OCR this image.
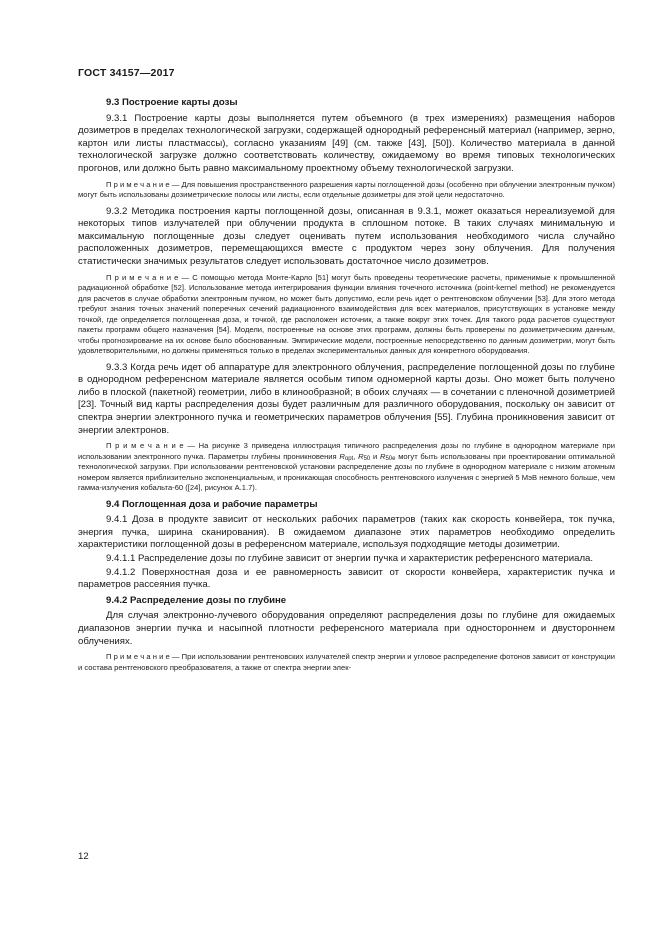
ГОСТ 34157—2017
9.3 Построение карты дозы

9.3.1 Построение карты дозы выполняется путем объемного (в трех измерениях) размещения наборов дозиметров в пределах технологической загрузки, содержащей однородный референсный материал (например, зерно, картон или листы пластмассы), согласно указаниям [49] (см. также [43], [50]). Количество материала в данной технологической загрузке должно соответствовать количеству, ожидаемому во время типовых технологических прогонов, или должно быть равно максимальному проектному объему технологической загрузки.

П р и м е ч а н и е — Для повышения пространственного разрешения карты поглощенной дозы (особенно при облучении электронным пучком) могут быть использованы дозиметрические полосы или листы, если отдельные дозиметры для этой цели недостаточно.

9.3.2 Методика построения карты поглощенной дозы, описанная в 9.3.1, может оказаться нереализуемой для некоторых типов излучателей при облучении продукта в сплошном потоке. В таких случаях минимальную и максимальную поглощенные дозы следует оценивать путем использования необходимого числа случайно расположенных дозиметров, перемещающихся вместе с продуктом через зону облучения. Для получения статистически значимых результатов следует использовать достаточное число дозиметров.

П р и м е ч а н и е — С помощью метода Монте-Карло [51] могут быть проведены теоретические расчеты, применимые к промышленной радиационной обработке [52]. Использование метода интегрирования функции влияния точечного источника (point-kernel method) не рекомендуется для расчетов в случае обработки электронным пучком, но может быть допустимо, если речь идет о рентгеновском облучении [53]. Для этого метода требуют знания точных значений поперечных сечений радиационного взаимодействия для всех материалов, присутствующих в установке между точкой, где определяется поглощенная доза, и точкой, где расположен источник, а также вокруг этих точек. Для такого рода расчетов существуют пакеты программ общего назначения [54]. Модели, построенные на основе этих программ, должны быть проверены по дозиметрическим данным, чтобы прогнозирование на их основе было обоснованным. Эмпирические модели, построенные непосредственно по данным дозиметрии, могут быть удовлетворительными, но должны применяться только в пределах экспериментальных данных для конкретного оборудования.

9.3.3 Когда речь идет об аппаратуре для электронного облучения, распределение поглощенной дозы по глубине в однородном референсном материале является особым типом одномерной карты дозы. Оно может быть получено либо в плоской (пакетной) геометрии, либо в клинообразной; в обоих случаях — в сочетании с пленочной дозиметрией [23]. Точный вид карты распределения дозы будет различным для различного оборудования, поскольку он зависит от спектра энергии электронного пучка и геометрических параметров облучения [55]. Глубина проникновения зависит от энергии электронов.

П р и м е ч а н и е — На рисунке 3 приведена иллюстрация типичного распределения дозы по глубине в однородном материале при использовании электронного пучка. Параметры глубины проникновения $R_{opt}$, $R_{50}$ и $R_{50e}$ могут быть использованы при проектировании оптимальной технологической загрузки. При использовании рентгеновской установки распределение дозы по глубине в однородном материале с низким атомным номером является приблизительно экспоненциальным, и проникающая способность рентгеновского излучения с энергией 5 МэВ немного больше, чем гамма-излучения кобальта-60 ([24], рисунок А.1.7).

9.4 Поглощенная доза и рабочие параметры

9.4.1 Доза в продукте зависит от нескольких рабочих параметров (таких как скорость конвейера, ток пучка, энергия пучка, ширина сканирования). В ожидаемом диапазоне этих параметров необходимо определить характеристики поглощенной дозы в референсном материале, используя подходящие методы дозиметрии.

9.4.1.1 Распределение дозы по глубине зависит от энергии пучка и характеристик референсного материала.

9.4.1.2 Поверхностная доза и ее равномерность зависит от скорости конвейера, характеристик пучка и параметров рассеяния пучка.

9.4.2 Распределение дозы по глубине

Для случая электронно-лучевого оборудования определяют распределения дозы по глубине для ожидаемых диапазонов энергии пучка и насыпной плотности референсного материала при одностороннем и двустороннем облучениях.

П р и м е ч а н и е — При использовании рентгеновских излучателей спектр энергии и угловое распределение фотонов зависит от конструкции и состава рентгеновского преобразователя, а также от спектра энергии элек-

12
